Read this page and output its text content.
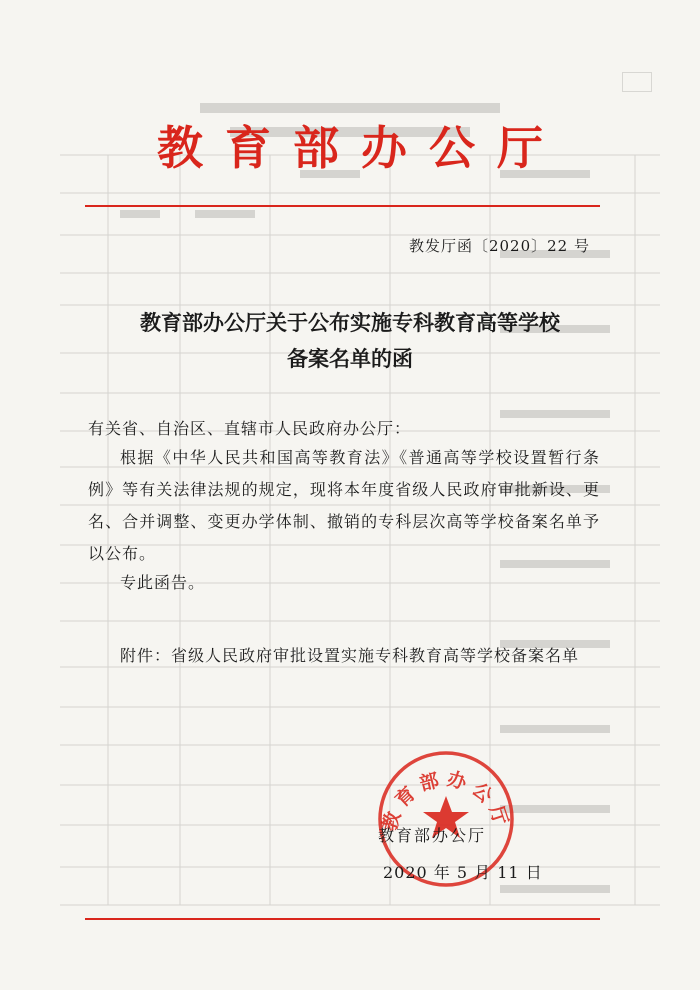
教育部办公厅
教发厅函〔2020〕22 号
教育部办公厅关于公布实施专科教育高等学校
备案名单的函
有关省、自治区、直辖市人民政府办公厅：
根据《中华人民共和国高等教育法》《普通高等学校设置暂行条例》等有关法律法规的规定，现将本年度省级人民政府审批新设、更名、合并调整、变更办学体制、撤销的专科层次高等学校备案名单予以公布。
专此函告。
附件：省级人民政府审批设置实施专科教育高等学校备案名单
教育部办公厅
教育部办公厅
2020 年 5 月 11 日
